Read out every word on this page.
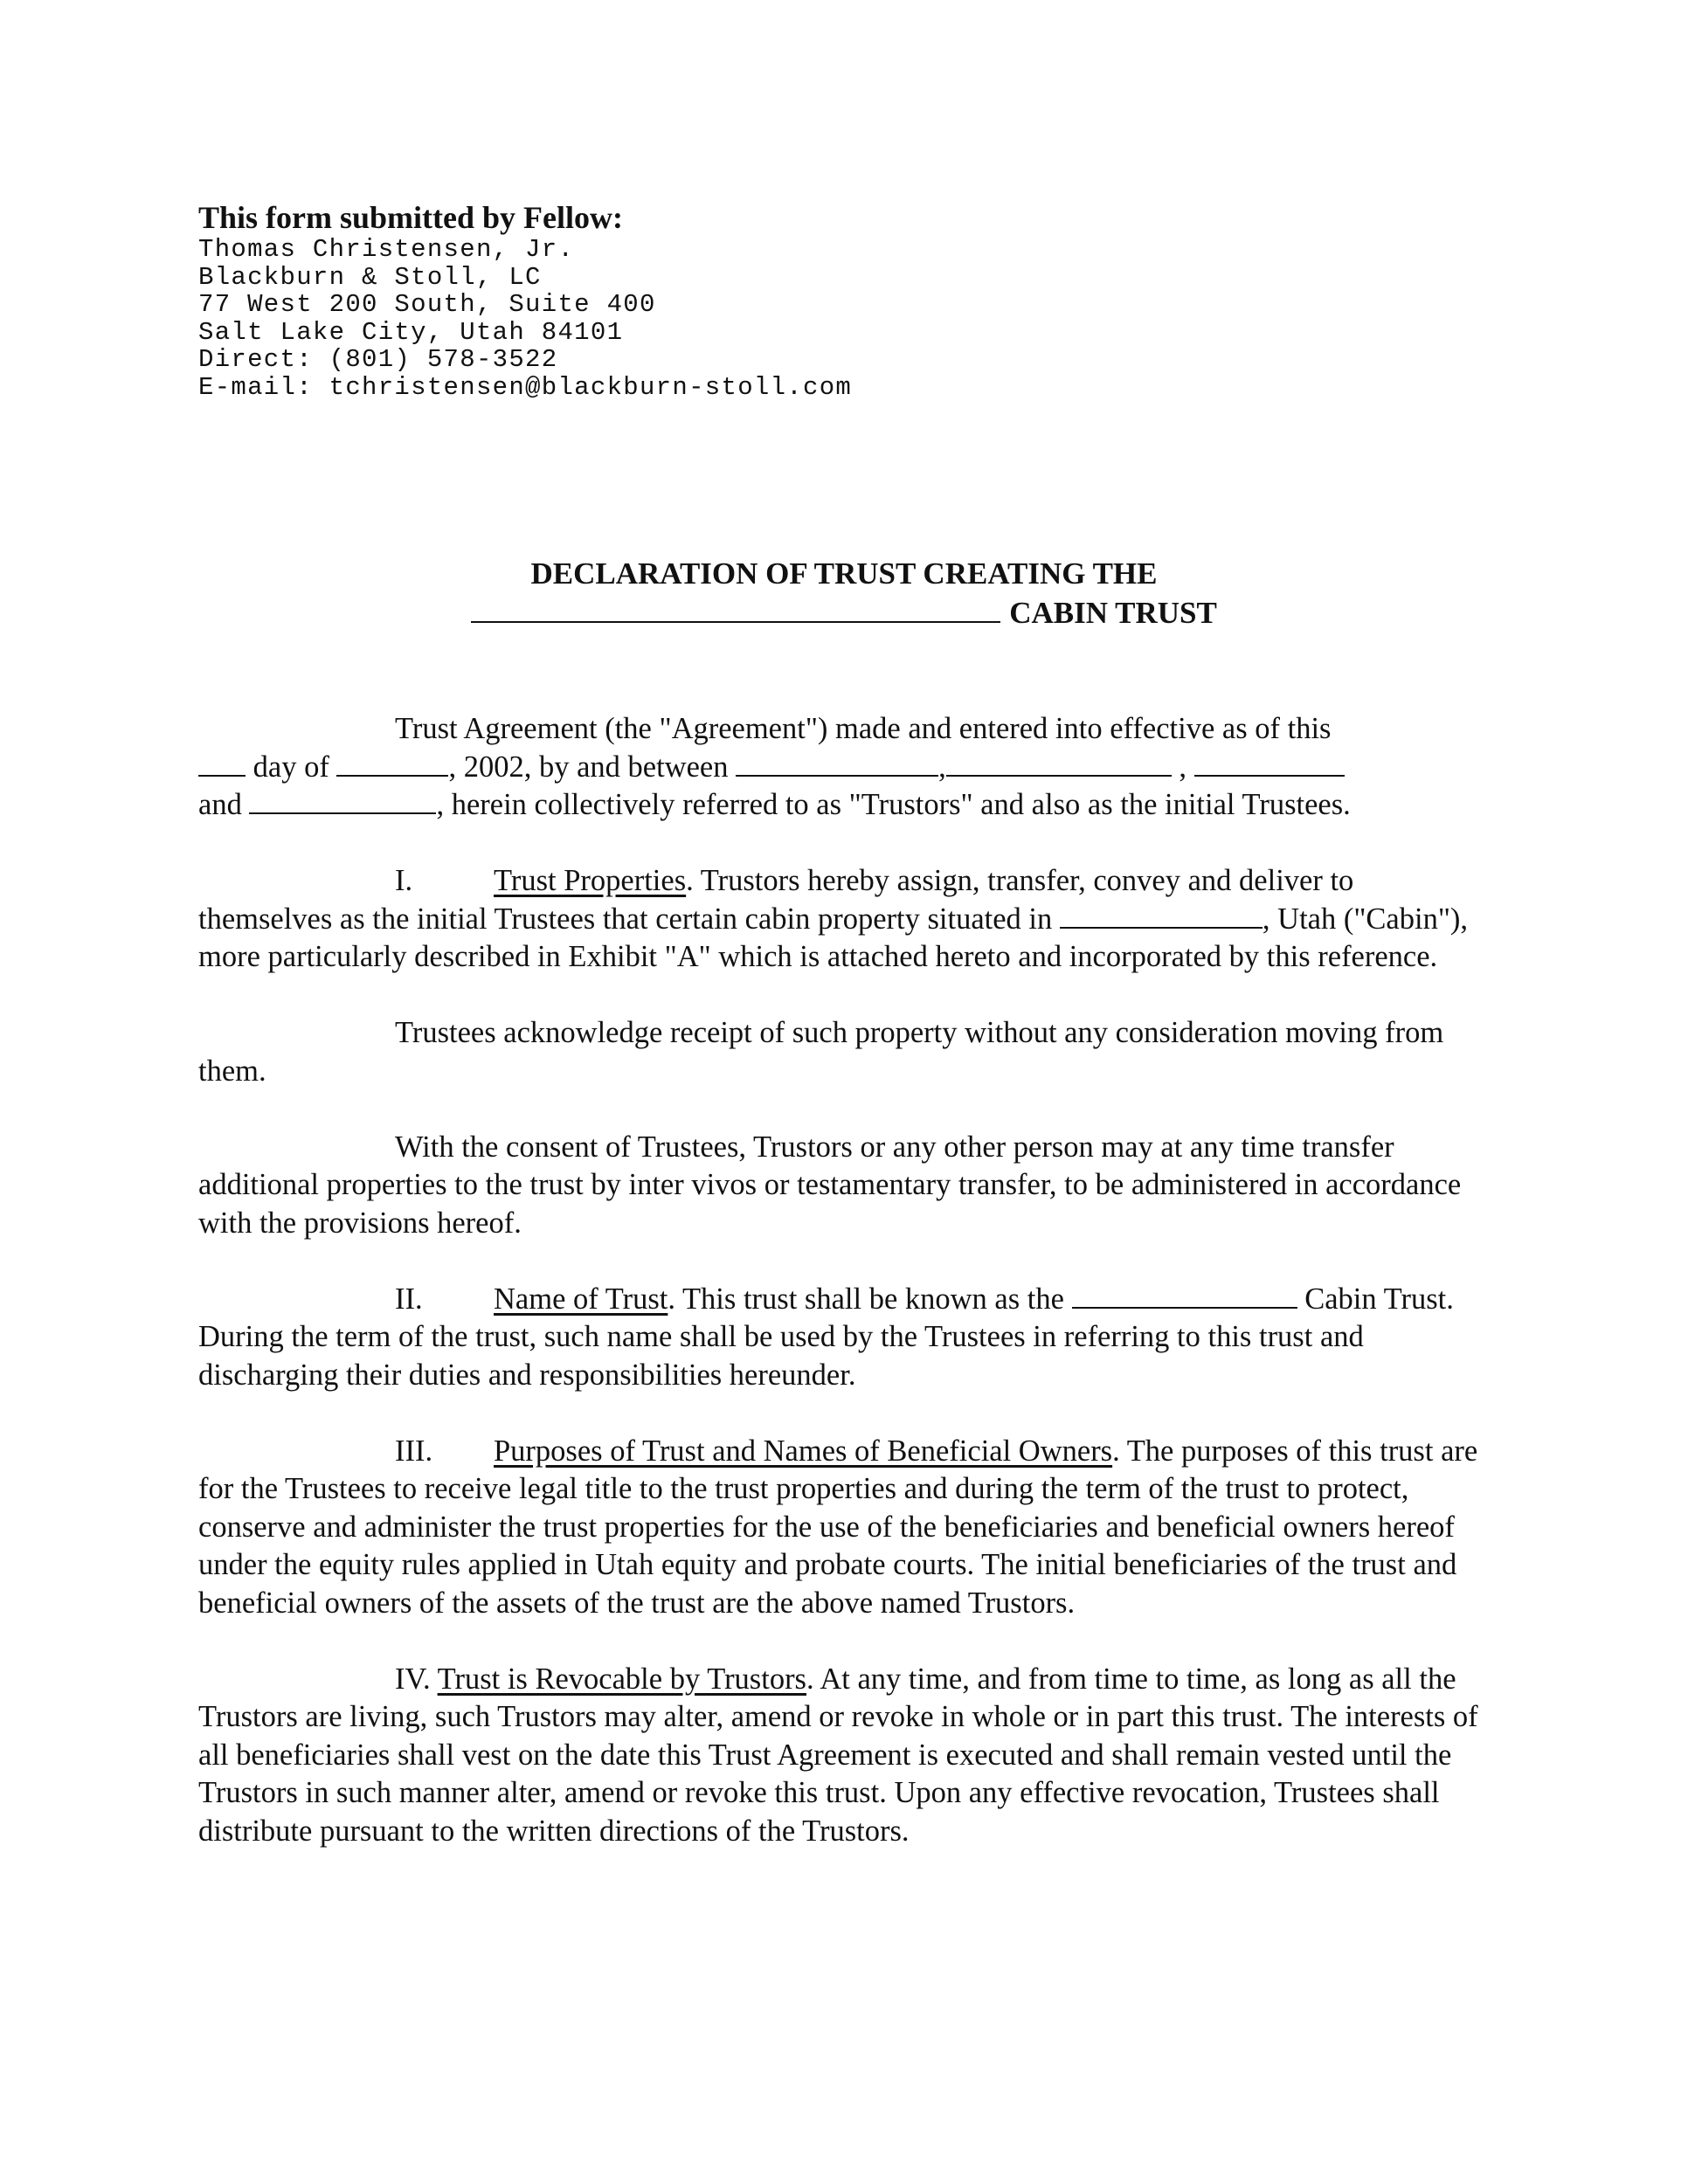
This form submitted by Fellow:
Thomas Christensen, Jr.
Blackburn & Stoll, LC
77 West 200 South, Suite 400
Salt Lake City, Utah 84101
Direct: (801) 578-3522
E-mail: tchristensen@blackburn-stoll.com
DECLARATION OF TRUST CREATING THE
CABIN TRUST

Trust Agreement (the "Agreement") made and entered into effective as of this
day of	, 2002, by and between	,	,
and	, herein collectively referred to as "Trustors" and also as the initial Trustees.

I.	Trust Properties. Trustors hereby assign, transfer, convey and deliver to themselves as the initial Trustees that certain cabin property situated in	, Utah ("Cabin"), more particularly described in Exhibit "A" which is attached hereto and incorporated by this reference.

Trustees acknowledge receipt of such property without any consideration moving from them.

With the consent of Trustees, Trustors or any other person may at any time transfer additional properties to the trust by inter vivos or testamentary transfer, to be administered in accordance with the provisions hereof.

II. Name of Trust. This trust shall be known as the	Cabin Trust. During the term of the trust, such name shall be used by the Trustees in referring to this trust and discharging their duties and responsibilities hereunder.

III. Purposes of Trust and Names of Beneficial Owners. The purposes of this trust are for the Trustees to receive legal title to the trust properties and during the term of the trust to protect, conserve and administer the trust properties for the use of the beneficiaries and beneficial owners hereof under the equity rules applied in Utah equity and probate courts. The initial beneficiaries of the trust and beneficial owners of the assets of the trust are the above named Trustors.

IV. Trust is Revocable by Trustors. At any time, and from time to time, as long as all the Trustors are living, such Trustors may alter, amend or revoke in whole or in part this trust. The interests of all beneficiaries shall vest on the date this Trust Agreement is executed and shall remain vested until the Trustors in such manner alter, amend or revoke this trust. Upon any effective revocation, Trustees shall distribute pursuant to the written directions of the Trustors.
